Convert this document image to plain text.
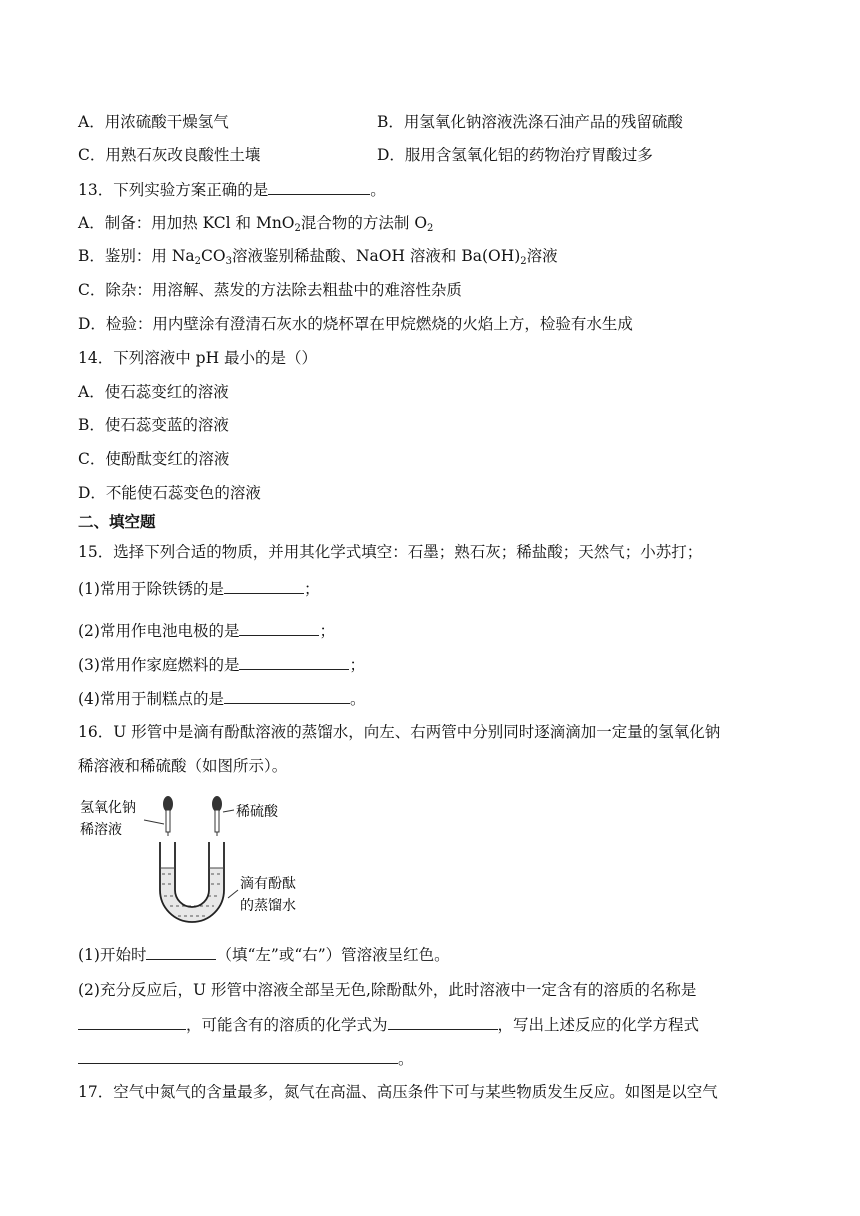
A．用浓硫酸干燥氢气	B．用氢氧化钠溶液洗涤石油产品的残留硫酸
C．用熟石灰改良酸性土壤	D．服用含氢氧化铝的药物治疗胃酸过多
13．下列实验方案正确的是	。
A．制备：用加热 KCl 和 MnO$_2$混合物的方法制 $O_2$
B．鉴别：用 $Na_2CO_3$溶液鉴别稀盐酸、NaOH 溶液和 $Ba(OH)_2$溶液
C．除杂：用溶解、蒸发的方法除去粗盐中的难溶性杂质
D．检验：用内壁涂有澄清石灰水的烧杯罩在甲烷燃烧的火焰上方，检验有水生成
14．下列溶液中 pH 最小的是（）
A．使石蕊变红的溶液
B．使石蕊变蓝的溶液
C．使酚酞变红的溶液
D．不能使石蕊变色的溶液
二、填空题
15．选择下列合适的物质，并用其化学式填空：石墨；熟石灰；稀盐酸；天然气；小苏打；
(1)常用于除铁锈的是	；
(2)常用作电池电极的是	；
(3)常用作家庭燃料的是	；
(4)常用于制糕点的是	。
16．U 形管中是滴有酚酞溶液的蒸馏水，向左、右两管中分别同时逐滴滴加一定量的氢氧化钠
稀溶液和稀硫酸（如图所示）。
氢氧化钠
稀溶液
稀硫酸
滴有酚酞
的蒸馏水
(1)开始时	（填“左”或“右”）管溶液呈红色。
(2)充分反应后，U 形管中溶液全部呈无色,除酚酞外，此时溶液中一定含有的溶质的名称是
，可能含有的溶质的化学式为	，写出上述反应的化学方程式
。
17．空气中氮气的含量最多，氮气在高温、高压条件下可与某些物质发生反应。如图是以空气
